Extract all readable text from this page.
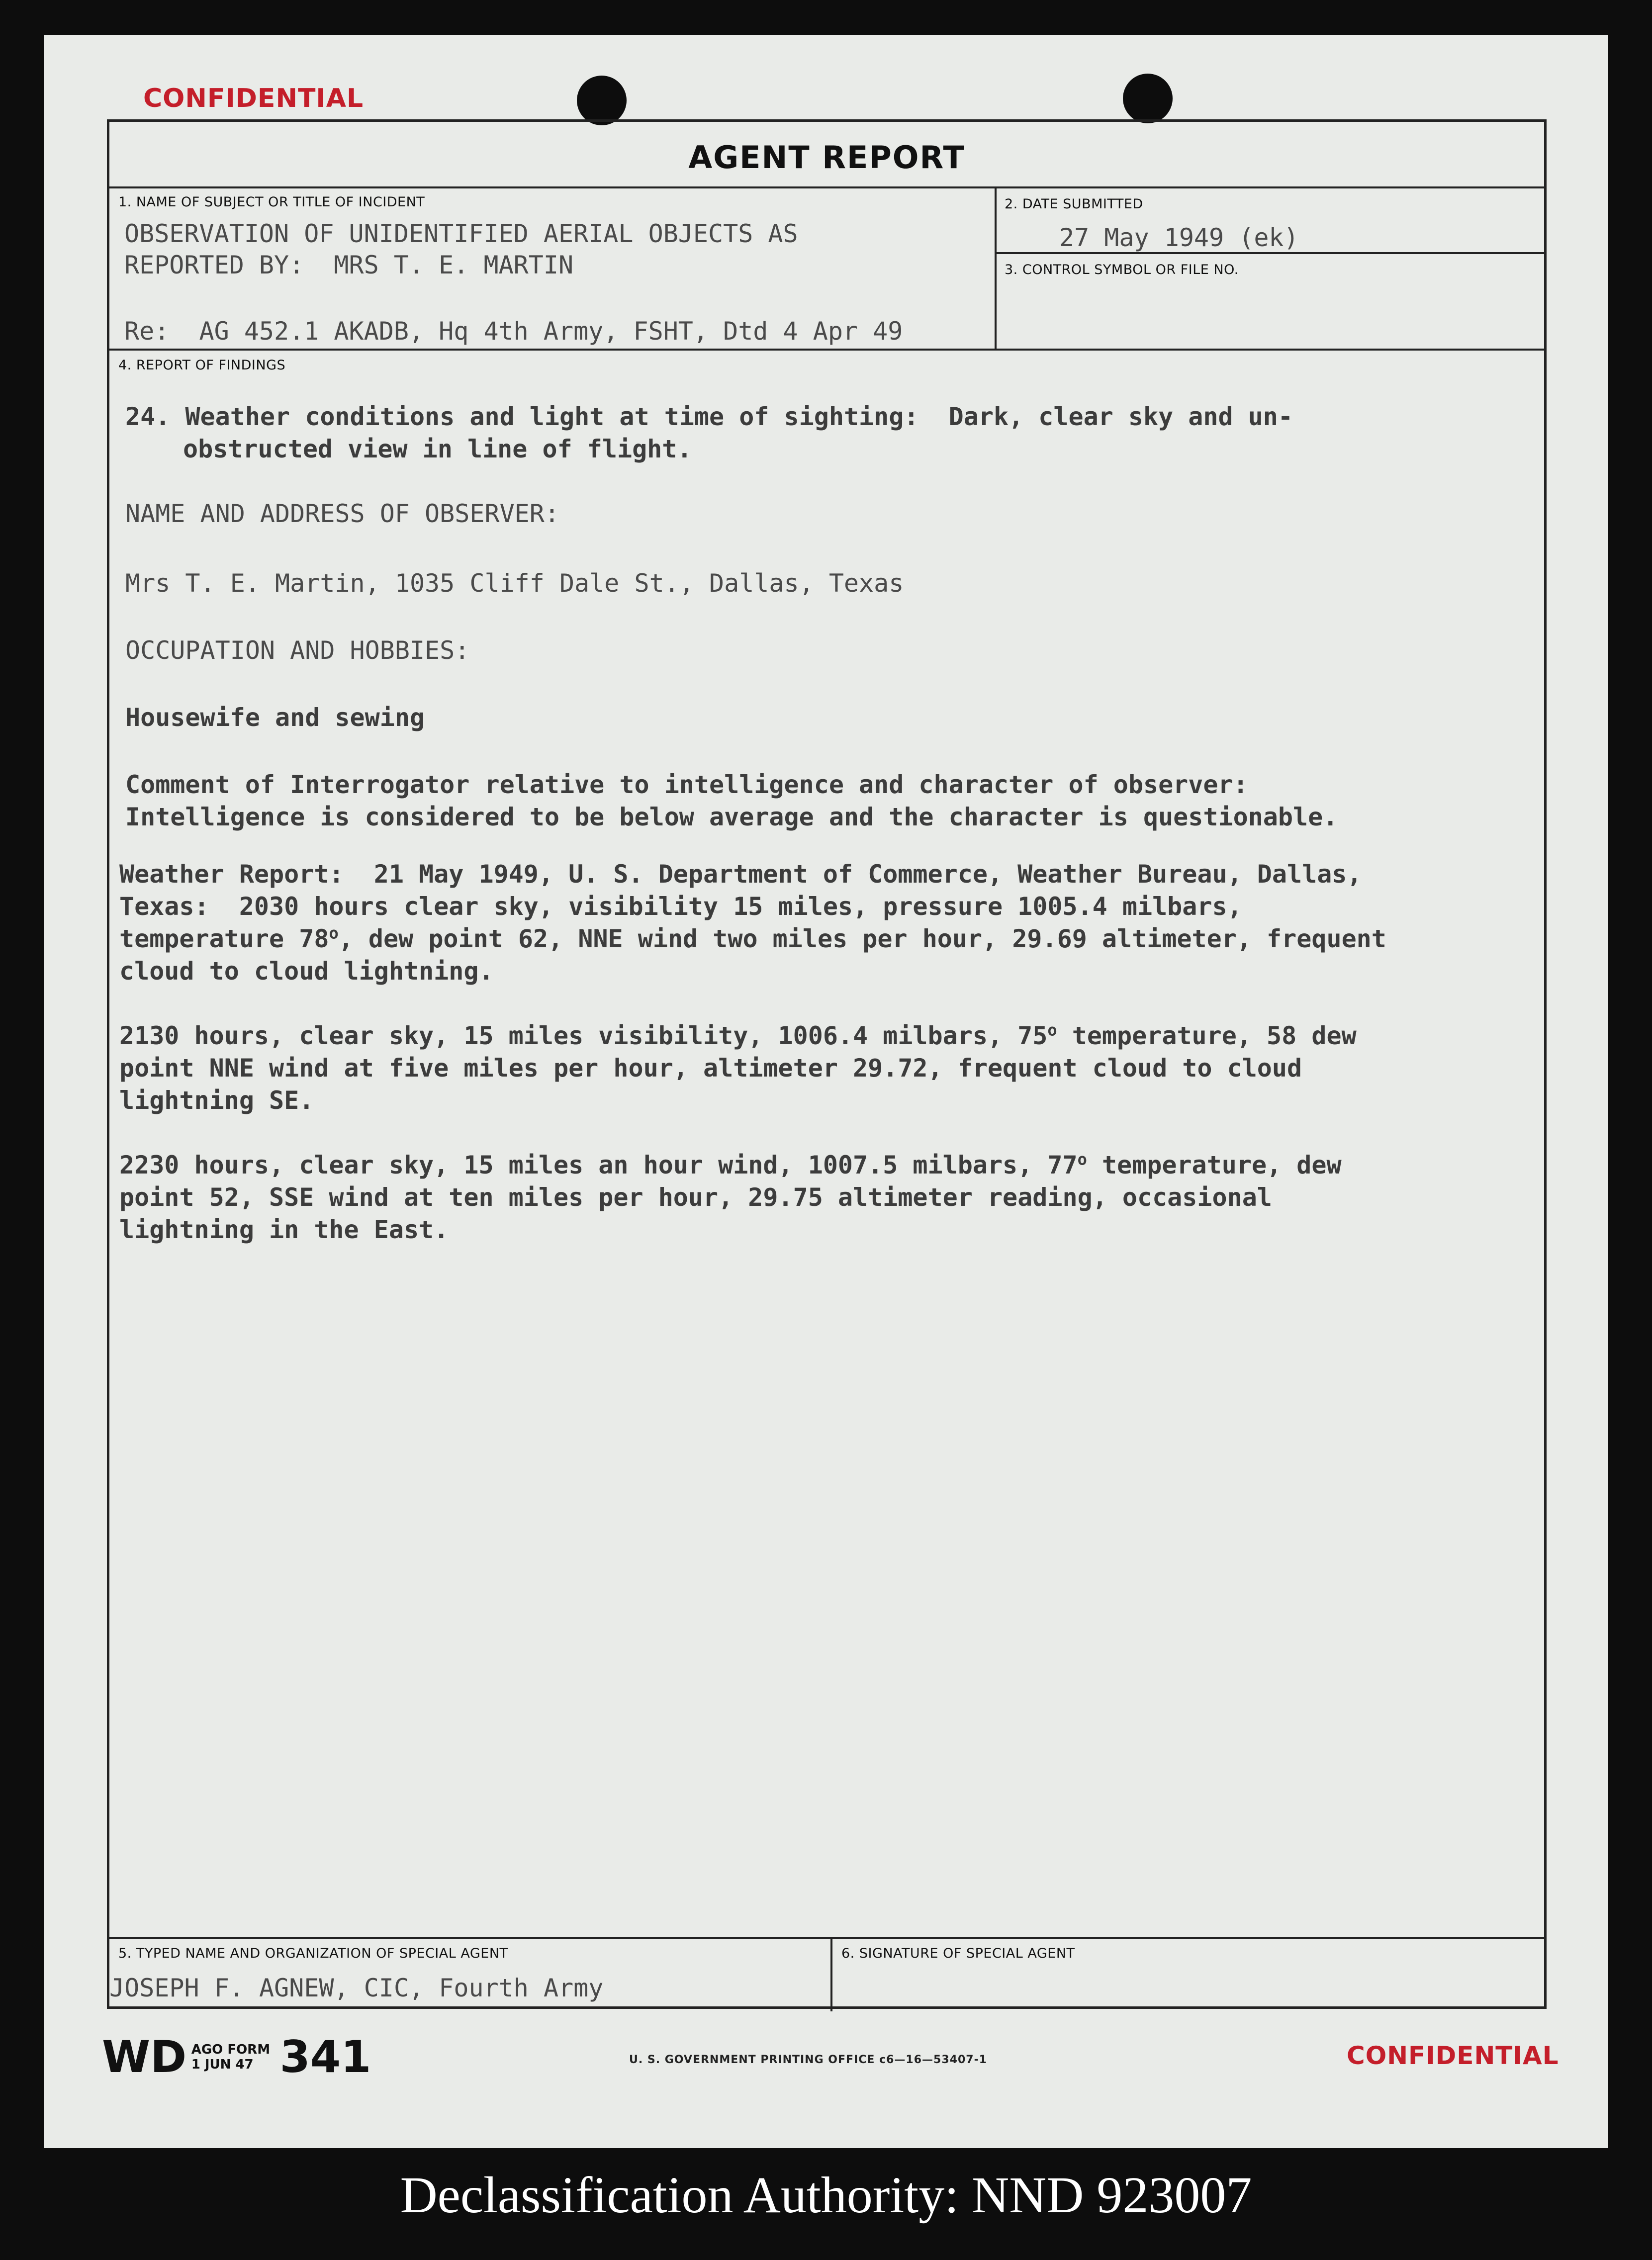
CONFIDENTIAL
CONFIDENTIAL
AGENT REPORT
1. NAME OF SUBJECT OR TITLE OF INCIDENT
OBSERVATION OF UNIDENTIFIED AERIAL OBJECTS AS
REPORTED BY:  MRS T. E. MARTIN
Re:  AG 452.1 AKADB, Hq 4th Army, FSHT, Dtd 4 Apr 49
2. DATE SUBMITTED
27 May 1949 (ek)
3. CONTROL SYMBOL OR FILE NO.
4. REPORT OF FINDINGS
24. Weather conditions and light at time of sighting:  Dark, clear sky and un-
obstructed view in line of flight.
NAME AND ADDRESS OF OBSERVER:
Mrs T. E. Martin, 1035 Cliff Dale St., Dallas, Texas
OCCUPATION AND HOBBIES:
Housewife and sewing
Comment of Interrogator relative to intelligence and character of observer:
Intelligence is considered to be below average and the character is questionable.
Weather Report:  21 May 1949, U. S. Department of Commerce, Weather Bureau, Dallas,
Texas:  2030 hours clear sky, visibility 15 miles, pressure 1005.4 milbars,
temperature 78$^o$, dew point 62, NNE wind two miles per hour, 29.69 altimeter, frequent
cloud to cloud lightning.
2130 hours, clear sky, 15 miles visibility, 1006.4 milbars, 75$^o$ temperature, 58 dew
point NNE wind at five miles per hour, altimeter 29.72, frequent cloud to cloud
lightning SE.
2230 hours, clear sky, 15 miles an hour wind, 1007.5 milbars, 77$^o$ temperature, dew
point 52, SSE wind at ten miles per hour, 29.75 altimeter reading, occasional
lightning in the East.
5. TYPED NAME AND ORGANIZATION OF SPECIAL AGENT
JOSEPH F. AGNEW, CIC, Fourth Army
6. SIGNATURE OF SPECIAL AGENT
WD AGO FORM
1 JUN 47 341	U. S. GOVERNMENT PRINTING OFFICE c6—16—53407-1
Declassification Authority: NND 923007
